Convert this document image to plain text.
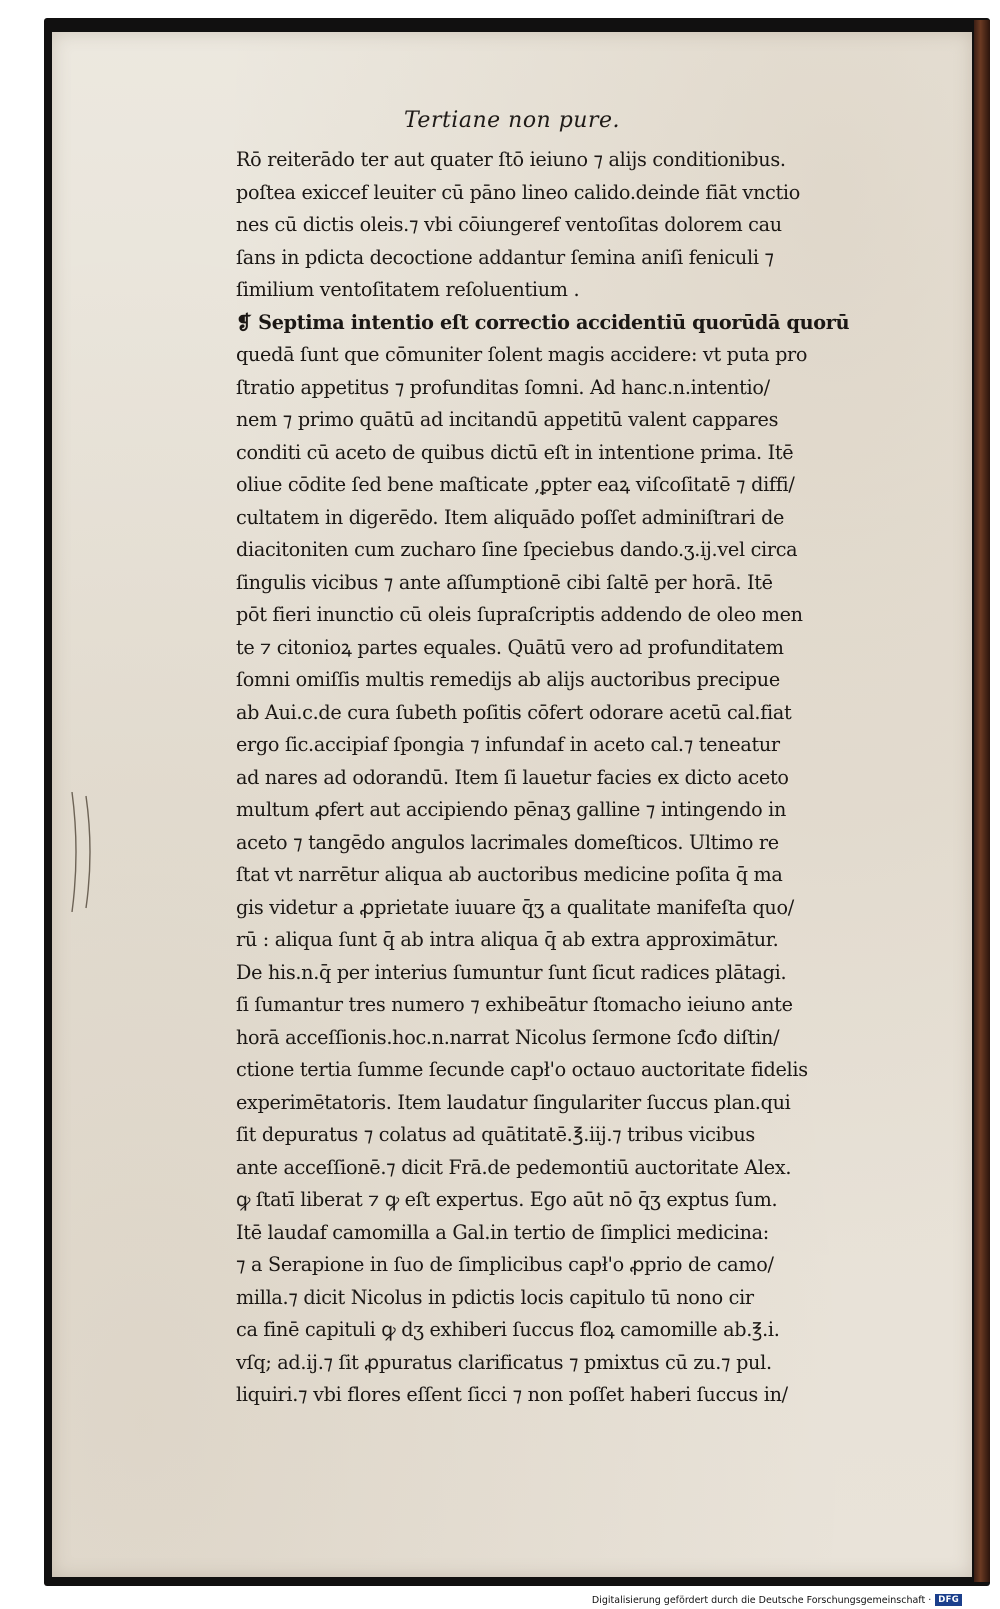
Tertiane non pure.
Rō reiterādo ter aut quater ſtō ieiuno ⁊ alijs conditionibus.
poſtea exiccef leuiter cū pāno lineo calido.deinde fiāt vnctio
nes cū dictis oleis.⁊ vbi cōiungeref ventoſitas dolorem cau
ſans in pdicta decoctione addantur ſemina aniſi feniculi ⁊
ſimilium ventoſitatem reſoluentium .
❡ Septima intentio eſt correctio accidentiū quorūdā quorū
quedā ſunt que cōmuniter ſolent magis accidere: vt puta pro
ſtratio appetitus ⁊ profunditas ſomni. Ad hanc.n.intentio/
nem ⁊ primo quātū ad incitandū appetitū valent cappares
conditi cū aceto de quibus dictū eſt in intentione prima. Itē
oliue cōdite ſed bene maſticate ,ꝑpter eaꝝ viſcoſitatē ⁊ diffi/
cultatem in digerēdo. Item aliquādo poſſet adminiſtrari de
diacitoniten cum zucharo ſine ſpeciebus dando.ʒ.ij.vel circa
ſingulis vicibus ⁊ ante aſſumptionē cibi ſaltē per horā. Itē
pōt fieri inunctio cū oleis ſupraſcriptis addendo de oleo men
te ⁊ citonioꝝ partes equales. Quātū vero ad profunditatem
ſomni omiſſis multis remedijs ab alijs auctoribus precipue
ab Aui.c.de cura ſubeth poſitis cōfert odorare acetū cal.fiat
ergo ſic.accipiaf ſpongia ⁊ infundaf in aceto cal.⁊ teneatur
ad nares ad odorandū. Item ſi lauetur facies ex dicto aceto
multum ꝓfert aut accipiendo pēnaʒ galline ⁊ intingendo in
aceto ⁊ tangēdo angulos lacrimales domeſticos. Ultimo re
ſtat vt narrētur aliqua ab auctoribus medicine poſita q̄ ma
gis videtur a ꝓprietate iuuare q̄ʒ a qualitate manifeſta quo/
rū : aliqua ſunt q̄ ab intra aliqua q̄ ab extra approximātur.
De his.n.q̄ per interius ſumuntur ſunt ſicut radices plātagi.
ſi ſumantur tres numero ⁊ exhibeātur ſtomacho ieiuno ante
horā acceſſionis.hoc.n.narrat Nicolus ſermone ſcđo diſtin/
ctione tertia ſumme ſecunde capł'o octauo auctoritate fidelis
experimētatoris. Item laudatur ſingulariter ſuccus plan.qui
ſit depuratus ⁊ colatus ad quātitatē.℥.iij.⁊ tribus vicibus
ante acceſſionē.⁊ dicit Frā.de pedemontiū auctoritate Alex.
ꝙ ſtatī liberat ⁊ ꝙ eſt expertus. Ego aūt nō q̄ʒ exptus ſum.
Itē laudaf camomilla a Gal.in tertio de ſimplici medicina:
⁊ a Serapione in ſuo de ſimplicibus capł'o ꝓprio de camo/
milla.⁊ dicit Nicolus in pdictis locis capitulo tū nono cir
ca finē capituli ꝙ dʒ exhiberi ſuccus floꝝ camomille ab.℥.i.
vſq; ad.ij.⁊ ſit ꝓpuratus clarificatus ⁊ pmixtus cū zu.⁊ pul.
liquiri.⁊ vbi flores eſſent ſicci ⁊ non poſſet haberi ſuccus in/
Digitalisierung gefördert durch die Deutsche Forschungsgemeinschaft · DFG
